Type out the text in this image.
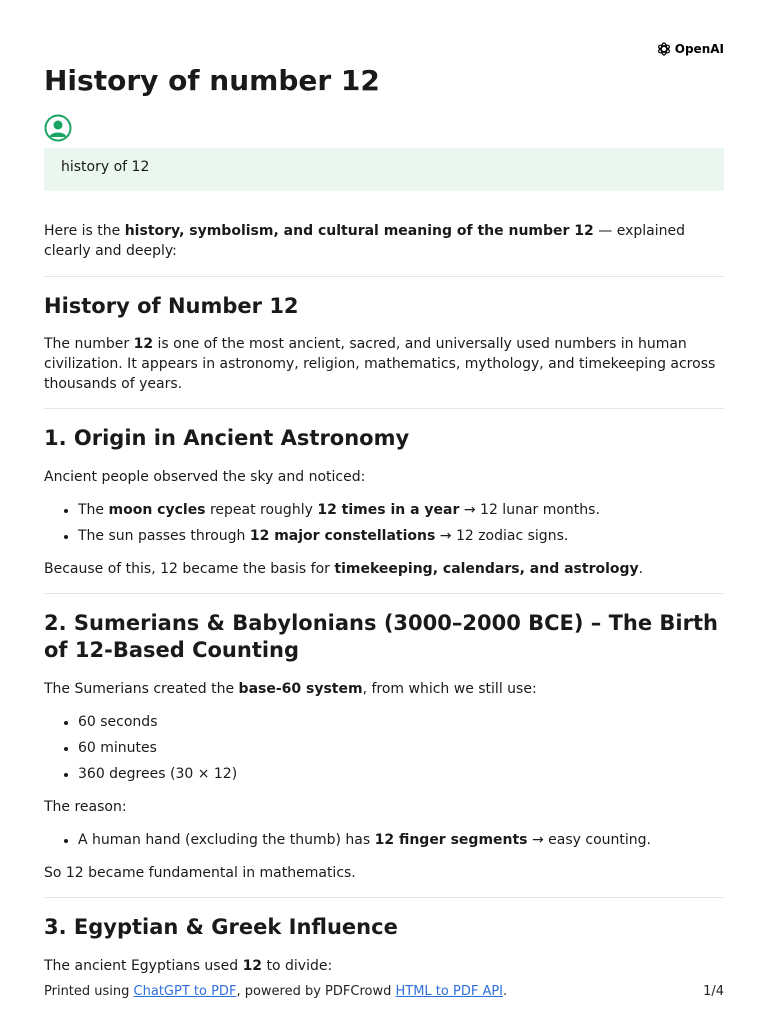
OpenAI
History of number 12
history of 12

Here is the history, symbolism, and cultural meaning of the number 12 — explained clearly and deeply:

History of Number 12

The number 12 is one of the most ancient, sacred, and universally used numbers in human civilization. It appears in astronomy, religion, mathematics, mythology, and timekeeping across thousands of years.

1. Origin in Ancient Astronomy

Ancient people observed the sky and noticed:

• The moon cycles repeat roughly 12 times in a year → 12 lunar months.
• The sun passes through 12 major constellations → 12 zodiac signs.

Because of this, 12 became the basis for timekeeping, calendars, and astrology.

2. Sumerians & Babylonians (3000–2000 BCE) – The Birth of 12-Based Counting

The Sumerians created the base-60 system, from which we still use:

• 60 seconds
• 60 minutes
• 360 degrees (30 × 12)

The reason:

• A human hand (excluding the thumb) has 12 finger segments → easy counting.

So 12 became fundamental in mathematics.

3. Egyptian & Greek Influence

The ancient Egyptians used 12 to divide:

Printed using ChatGPT to PDF, powered by PDFCrowd HTML to PDF API.	1/4
